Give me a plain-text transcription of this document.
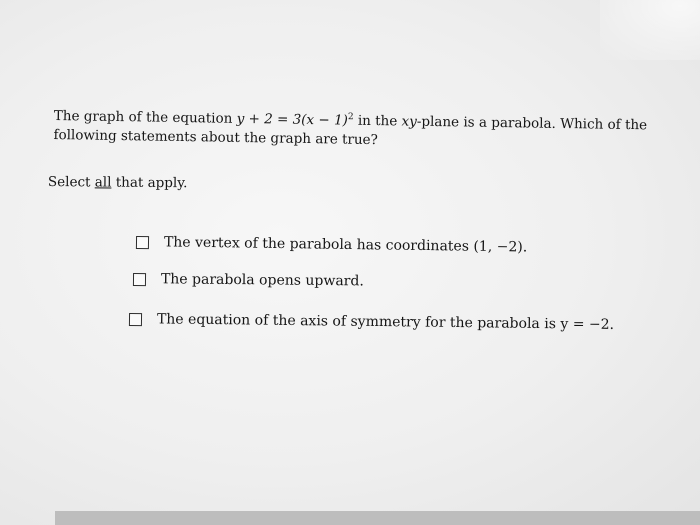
The graph of the equation $y + 2 = 3(x - 1)^2$ in the xy-plane is a parabola. Which of the following statements about the graph are true?
Select all that apply.
The vertex of the parabola has coordinates (1, −2).
The parabola opens upward.
The equation of the axis of symmetry for the parabola is y = −2.
